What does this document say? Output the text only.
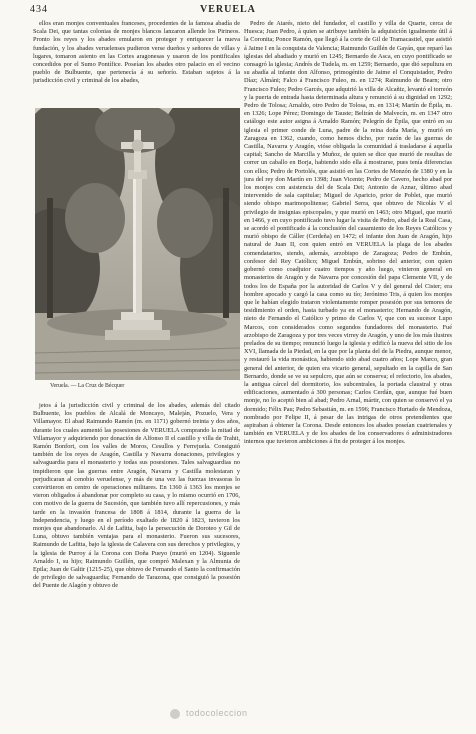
434	VERUELA

ellos eran monjes conventuales franceses, procedentes de la famosa abadía de Scala Dei, que tantas colonias de monjes blancos lanzaron allende los Pirineos. Pronto los reyes y los abades emularon en proteger y enriquecer la nueva fundación, y los abades veruelenses pudieron verse dueños y señores de villas y lugares, tomaron asiento en las Cortes aragonesas y usaron de los pontificales concedidos por el Sumo Pontífice. Poseían los abades otro palacio en el vecino pueblo de Bulbuente, que pertenecía á su señorío. Estaban sujetos á la jurisdicción civil y criminal de los abades,

Veruela. — La Cruz de Bécquer

jetos á la jurisdicción civil y criminal de los abades, además del citado Bulbuente, los pueblos de Alcalá de Moncayo, Maleján, Pozuelo, Vera y Villamayor. El abad Raimundo Ramón (m. en 1171) gobernó treinta y dos años, durante los cuales aumentó las posesiones de VERUELA comprando la mitad de Villamayor y adquiriendo por donación de Alfonso II el castillo y villa de Trahit, Ramón Bonfort, con los valles de Moros, Cesullos y Ferrejuela. Consiguió también de los reyes de Aragón, Castilla y Navarra donaciones, privilegios y salvaguardia para el monasterio y todas sus posesiones. Tales salvaguardias no impidieron que las guerras entre Aragón, Navarra y Castilla molestaran y perjudicaran al cenobio veruelense, y más de una vez las fuerzas invasoras lo convirtieron en centro de operaciones militares. En 1360 á 1363 los monjes se vieron obligados á abandonar por completo su casa, y lo mismo ocurrió en 1706, con motivo de la guerra de Sucesión, que también tuvo allí repercusiones, y más tarde en la invasión francesa de 1808 á 1814, durante la guerra de la Independencia, y luego en el período exaltado de 1820 á 1823, tuvieron los monjes que abandonarlo. Al de Lafitta, bajo la persecución de Doroteo y Gil de Luna, obtuvo también ventajas para el monasterio. Fueron sus sucesores, Raimundo de Lafitta, bajo la iglesia de Calavera con sus derechos y privilegios, y la iglesia de Purroy á la Corona con Doña Pueyo (murió en 1204). Siguenle Arnaldo I, su hijo; Raimundo Guillén, que compró Malexan y la Almunia de Epila; Juan de Galtir (1215-25), que obtuvo de Fernando el Santo la confirmación de privilegio de salvaguardia; Fernando de Tarazona, que consiguió la posesión del Puente de Alagón y obtuvo de

Pedro de Atarés, nieto del fundador, el castillo y villa de Quarte, cerca de Huesca; Juan Pedro, á quien se atribuye también la adquisición igualmente útil á la Coronita; Ponce Ramón, que llegó á la corte de Gil de Tramacastiel, que asistió á Jaime I en la conquista de Valencia; Raimundo Guillén de Gayán, que reparó las iglesias del abadiado y murió en 1245; Bernardo de Asca, en cuyo pontificado se consagró la iglesia; Andrés de Tudela, m. en 1259; Bernardo, que dió sepultura en su abadía al infante don Alfonso, primogénito de Jaime el Conquistador, Pedro Díaz; Almáni; Falco á Francisco Fuleo, m. en 1274; Raimundo de Bearn; otro Francisco Fuleo; Pedro Garcés, que adquirió la villa de Alcañiz, levantó el torreón y la puerta de entrada hasta determinada altura y renunció á su dignidad en 1292; Pedro de Tolosa; Arnaldo, otro Pedro de Tolosa, m. en 1314; Martín de Épila, m. en 1326; Lope Pérez; Domingo de Tauste; Beltrán de Malvecín, m. en 1347 otro catálogo este autor asigna á Arnaldo Ramón; Pelegrín de Épila, que entró en su iglesia el primer conde de Luna, padre de la reina doña María, y murió en Zaragoza en 1362, cuando, como hemos dicho, por razón de las guerras de Castilla, Navarra y Aragón, vióse obligada la comunidad á trasladarse á aquella capital; Sancho de Marcilla y Muñoz, de quien se dice que murió de resultas de correr un caballo en Borja, habiendo sido ella á mostrarse, pues tenía diferencias con ellos; Pedro de Portolés, que asistió en las Cortes de Monzón de 1380 y en la jura del rey don Martín en 1398; Juan Vicente; Pedro de Cavero, hecho abad por los monjes con asistencia del de Scala Dei; Antonio de Aznar, último abad intervenido de sala capitular; Miguel de Aparicio, prior de Poblet, que murió siendo obispo marimopolitense; Gabriel Serra, que obtuvo de Nicolás V el privilegio de insignias episcopales, y que murió en 1463; otro Miguel, que murió en 1466, y en cuyo pontificado tuvo lugar la visita de Pedro, abad de la Real Casa, se acordó el pontificado á la conclusión del casamiento de los Reyes Católicos y murió obispo de Cáller (Cerdeña) en 1472; el infante don Juan de Aragón, hijo natural de Juan II, con quien entró en VERUELA la plaga de los abades comendatarios, siendo, además, arzobispo de Zaragoza; Pedro de Embún, confesor del Rey Católico; Miguel Embún, sobrino del anterior, con quien gobernó como coadjutor cuatro tiempos y año luego, vinieron general en monasterios de Aragón y de Navarra por concesión del papa Clemente VII, y de todos los de España por la autoridad de Carlos V y del general del Cister; era hombre apocado y cargó la casa como su tío; Jerónimo Tris, á quien los monjes que le habían elegido trataron violentamente romper posesión por sus temores de tesidimiento el orden, hasta turbado ya en el monasterio; Hernando de Aragón, nieto de Fernando el Católico y primo de Carlos V, que con su sucesor Lupo Marcos, con considerados como segundos fundadores del monasterio. Fué arzobispo de Zaragoza y por tres veces virrey de Aragón, y uno de los más ilustres prelados de su tiempo; renunció luego la iglesia y edificó la nueva del sitio de los XVI, llamada de la Piedad, en la que por la planta del de la Piedra, aunque menor, y restauró la vida monástica, habiendo sido abad cuatro años; Lope Marco, gran general del anterior, de quien era vicario general, sepultado en la capilla de San Bernardo, donde se ve su sepulcro, que aún se conserva; el refectorio, los abades, la antigua cárcel del dormitorio, los subcentrales, la portada claustral y otras edificaciones, aumentado á 300 personas; Carlos Cerdán, que, aunque fué buen monje, no lo aceptó bien al abad; Pedro Arnal, mártir, con quien se conservó el ya dormido; Félix Pau; Pedro Sebastián, m. en 1596; Francisco Hurtado de Mendoza, nombrado por Felipe II, á pesar de las intrigas de otros pretendientes que aspiraban á obtener la Corona. Desde entonces los abades poseían cuatrienales y también en VERUELA y de los abades de los conservadores ó administradores internos que tuvieron ambiciones á fin de proteger á los monjes.

todocoleccion
